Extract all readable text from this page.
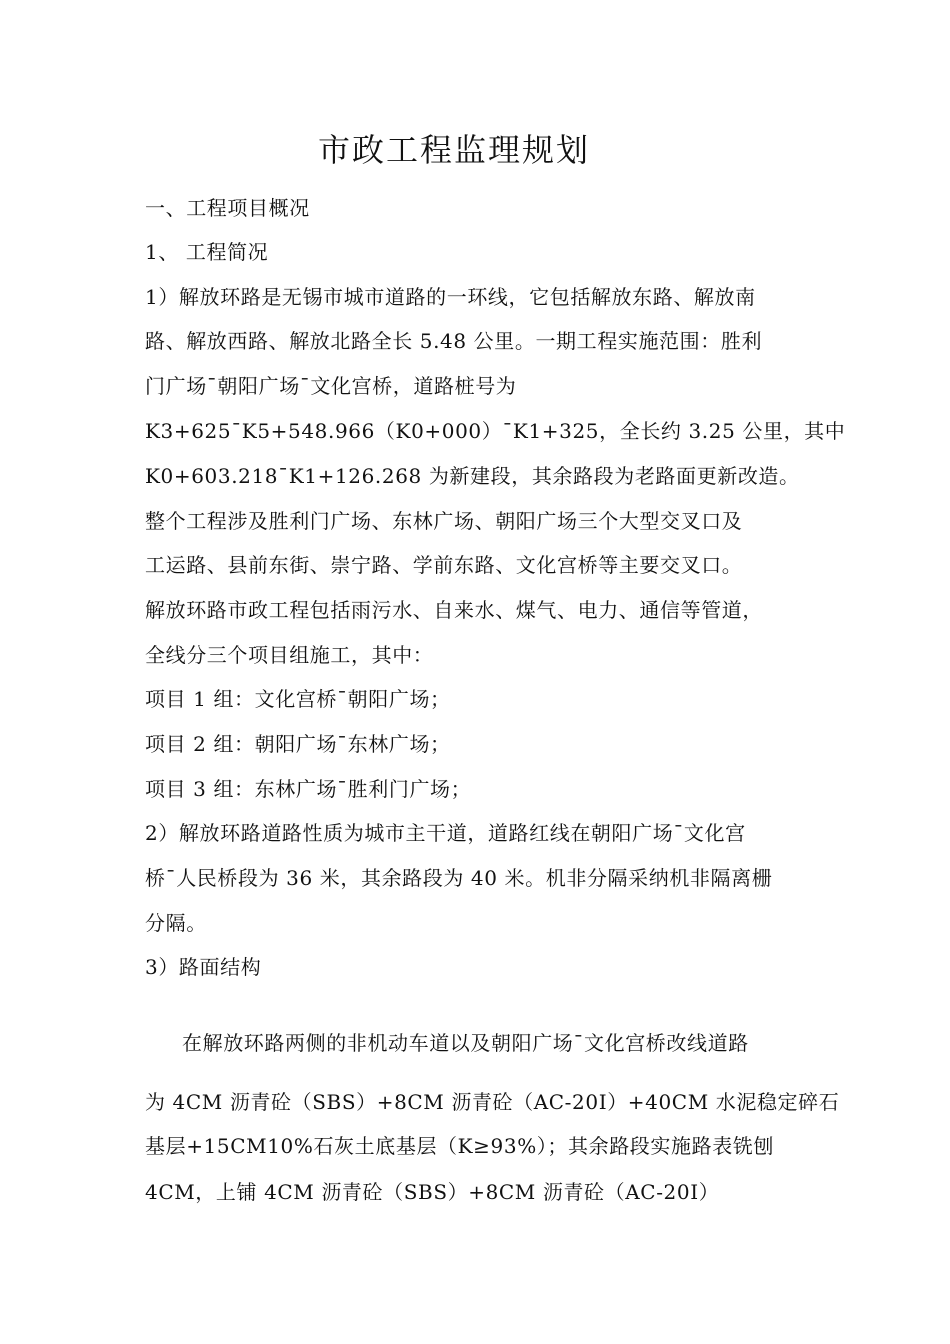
市政工程监理规划
一、工程项目概况
1、 工程简况
1）解放环路是无锡市城市道路的一环线，它包括解放东路、解放南
路、解放西路、解放北路全长 5.48 公里。一期工程实施范围：胜利
门广场¯朝阳广场¯文化宫桥，道路桩号为
K3+625¯K5+548.966（K0+000）¯K1+325，全长约 3.25 公里，其中
K0+603.218¯K1+126.268 为新建段，其余路段为老路面更新改造。
整个工程涉及胜利门广场、东林广场、朝阳广场三个大型交叉口及
工运路、县前东街、崇宁路、学前东路、文化宫桥等主要交叉口。
解放环路市政工程包括雨污水、自来水、煤气、电力、通信等管道，
全线分三个项目组施工，其中：
项目 1 组：文化宫桥¯朝阳广场；
项目 2 组：朝阳广场¯东林广场；
项目 3 组：东林广场¯胜利门广场；
2）解放环路道路性质为城市主干道，道路红线在朝阳广场¯文化宫
桥¯人民桥段为 36 米，其余路段为 40 米。机非分隔采纳机非隔离栅
分隔。
3）路面结构
在解放环路两侧的非机动车道以及朝阳广场¯文化宫桥改线道路
为 4CM 沥青砼（SBS）+8CM 沥青砼（AC-20Ⅰ）+40CM 水泥稳定碎石
基层+15CM10%石灰土底基层（K≥93%）；其余路段实施路表铣刨
4CM，上铺 4CM 沥青砼（SBS）+8CM 沥青砼（AC-20Ⅰ）
